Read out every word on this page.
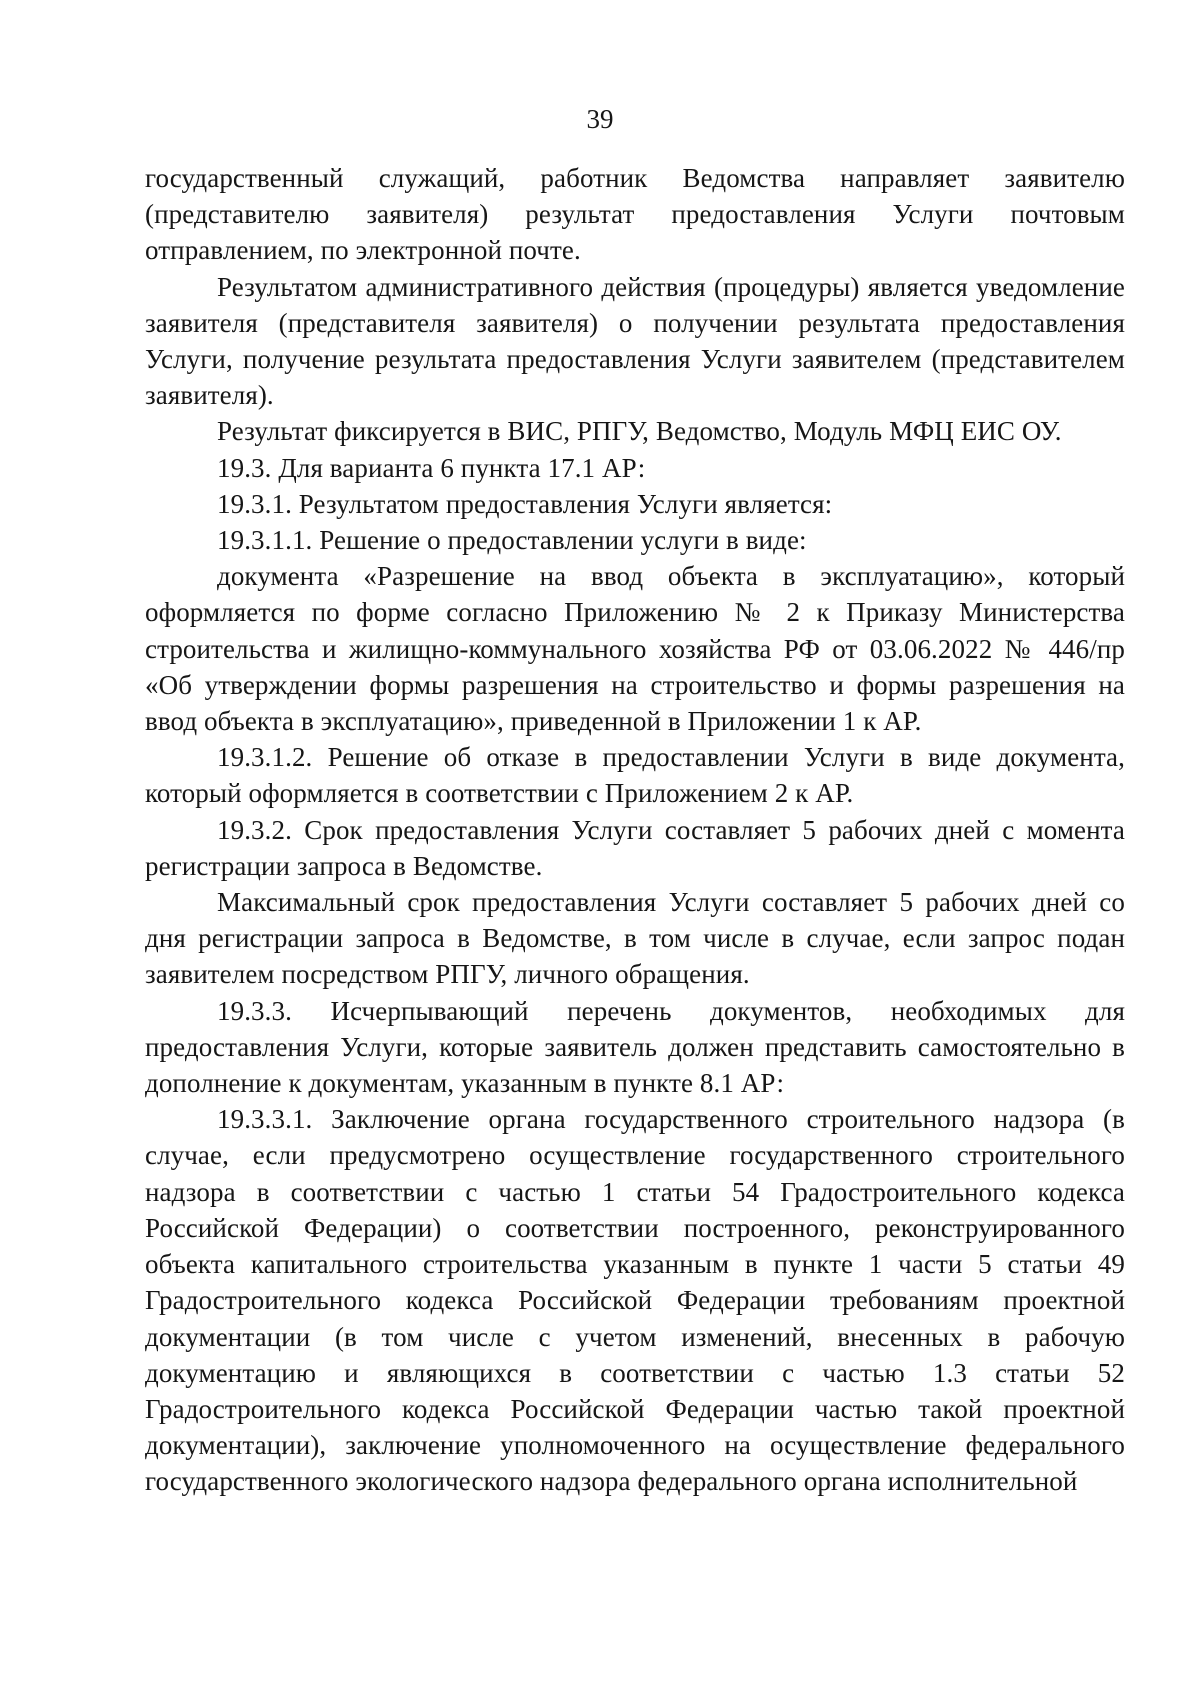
39

государственный служащий, работник Ведомства направляет заявителю (представителю заявителя) результат предоставления Услуги почтовым отправлением, по электронной почте.

Результатом административного действия (процедуры) является уведомление заявителя (представителя заявителя) о получении результата предоставления Услуги, получение результата предоставления Услуги заявителем (представителем заявителя).

Результат фиксируется в ВИС, РПГУ, Ведомство, Модуль МФЦ ЕИС ОУ.

19.3. Для варианта 6 пункта 17.1 АР:

19.3.1. Результатом предоставления Услуги является:

19.3.1.1. Решение о предоставлении услуги в виде:

документа «Разрешение на ввод объекта в эксплуатацию», который оформляется по форме согласно Приложению № 2 к Приказу Министерства строительства и жилищно-коммунального хозяйства РФ от 03.06.2022 № 446/пр «Об утверждении формы разрешения на строительство и формы разрешения на ввод объекта в эксплуатацию», приведенной в Приложении 1 к АР.

19.3.1.2. Решение об отказе в предоставлении Услуги в виде документа, который оформляется в соответствии с Приложением 2 к АР.

19.3.2. Срок предоставления Услуги составляет 5 рабочих дней с момента регистрации запроса в Ведомстве.

Максимальный срок предоставления Услуги составляет 5 рабочих дней со дня регистрации запроса в Ведомстве, в том числе в случае, если запрос подан заявителем посредством РПГУ, личного обращения.

19.3.3. Исчерпывающий перечень документов, необходимых для предоставления Услуги, которые заявитель должен представить самостоятельно в дополнение к документам, указанным в пункте 8.1 АР:

19.3.3.1. Заключение органа государственного строительного надзора (в случае, если предусмотрено осуществление государственного строительного надзора в соответствии с частью 1 статьи 54 Градостроительного кодекса Российской Федерации) о соответствии построенного, реконструированного объекта капитального строительства указанным в пункте 1 части 5 статьи 49 Градостроительного кодекса Российской Федерации требованиям проектной документации (в том числе с учетом изменений, внесенных в рабочую документацию и являющихся в соответствии с частью 1.3 статьи 52 Градостроительного кодекса Российской Федерации частью такой проектной документации), заключение уполномоченного на осуществление федерального государственного экологического надзора федерального органа исполнительной
